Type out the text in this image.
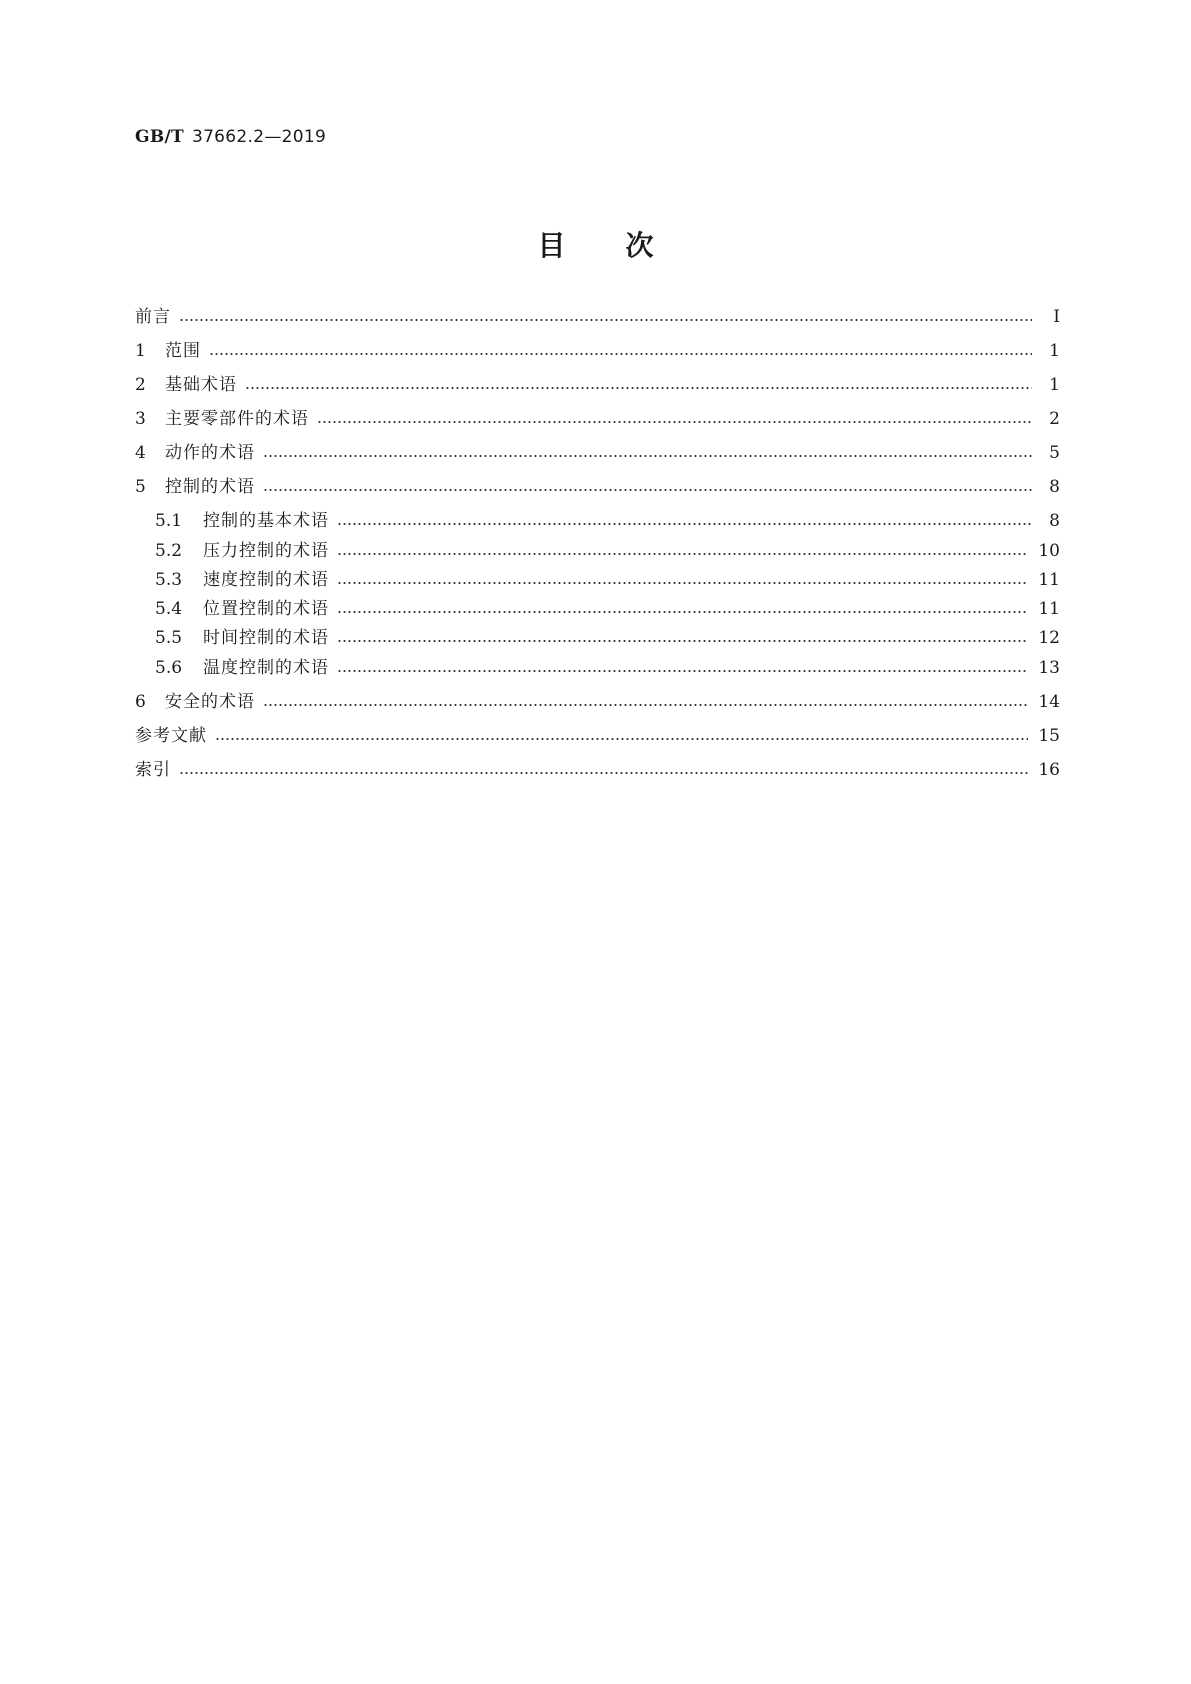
GB/T 37662.2—2019
目次
前言	Ⅰ
1	范围	1
2	基础术语	1
3	主要零部件的术语	2
4	动作的术语	5
5	控制的术语	8
5.1	控制的基本术语	8
5.2	压力控制的术语	10
5.3	速度控制的术语	11
5.4	位置控制的术语	11
5.5	时间控制的术语	12
5.6	温度控制的术语	13
6	安全的术语	14
参考文献	15
索引	16
